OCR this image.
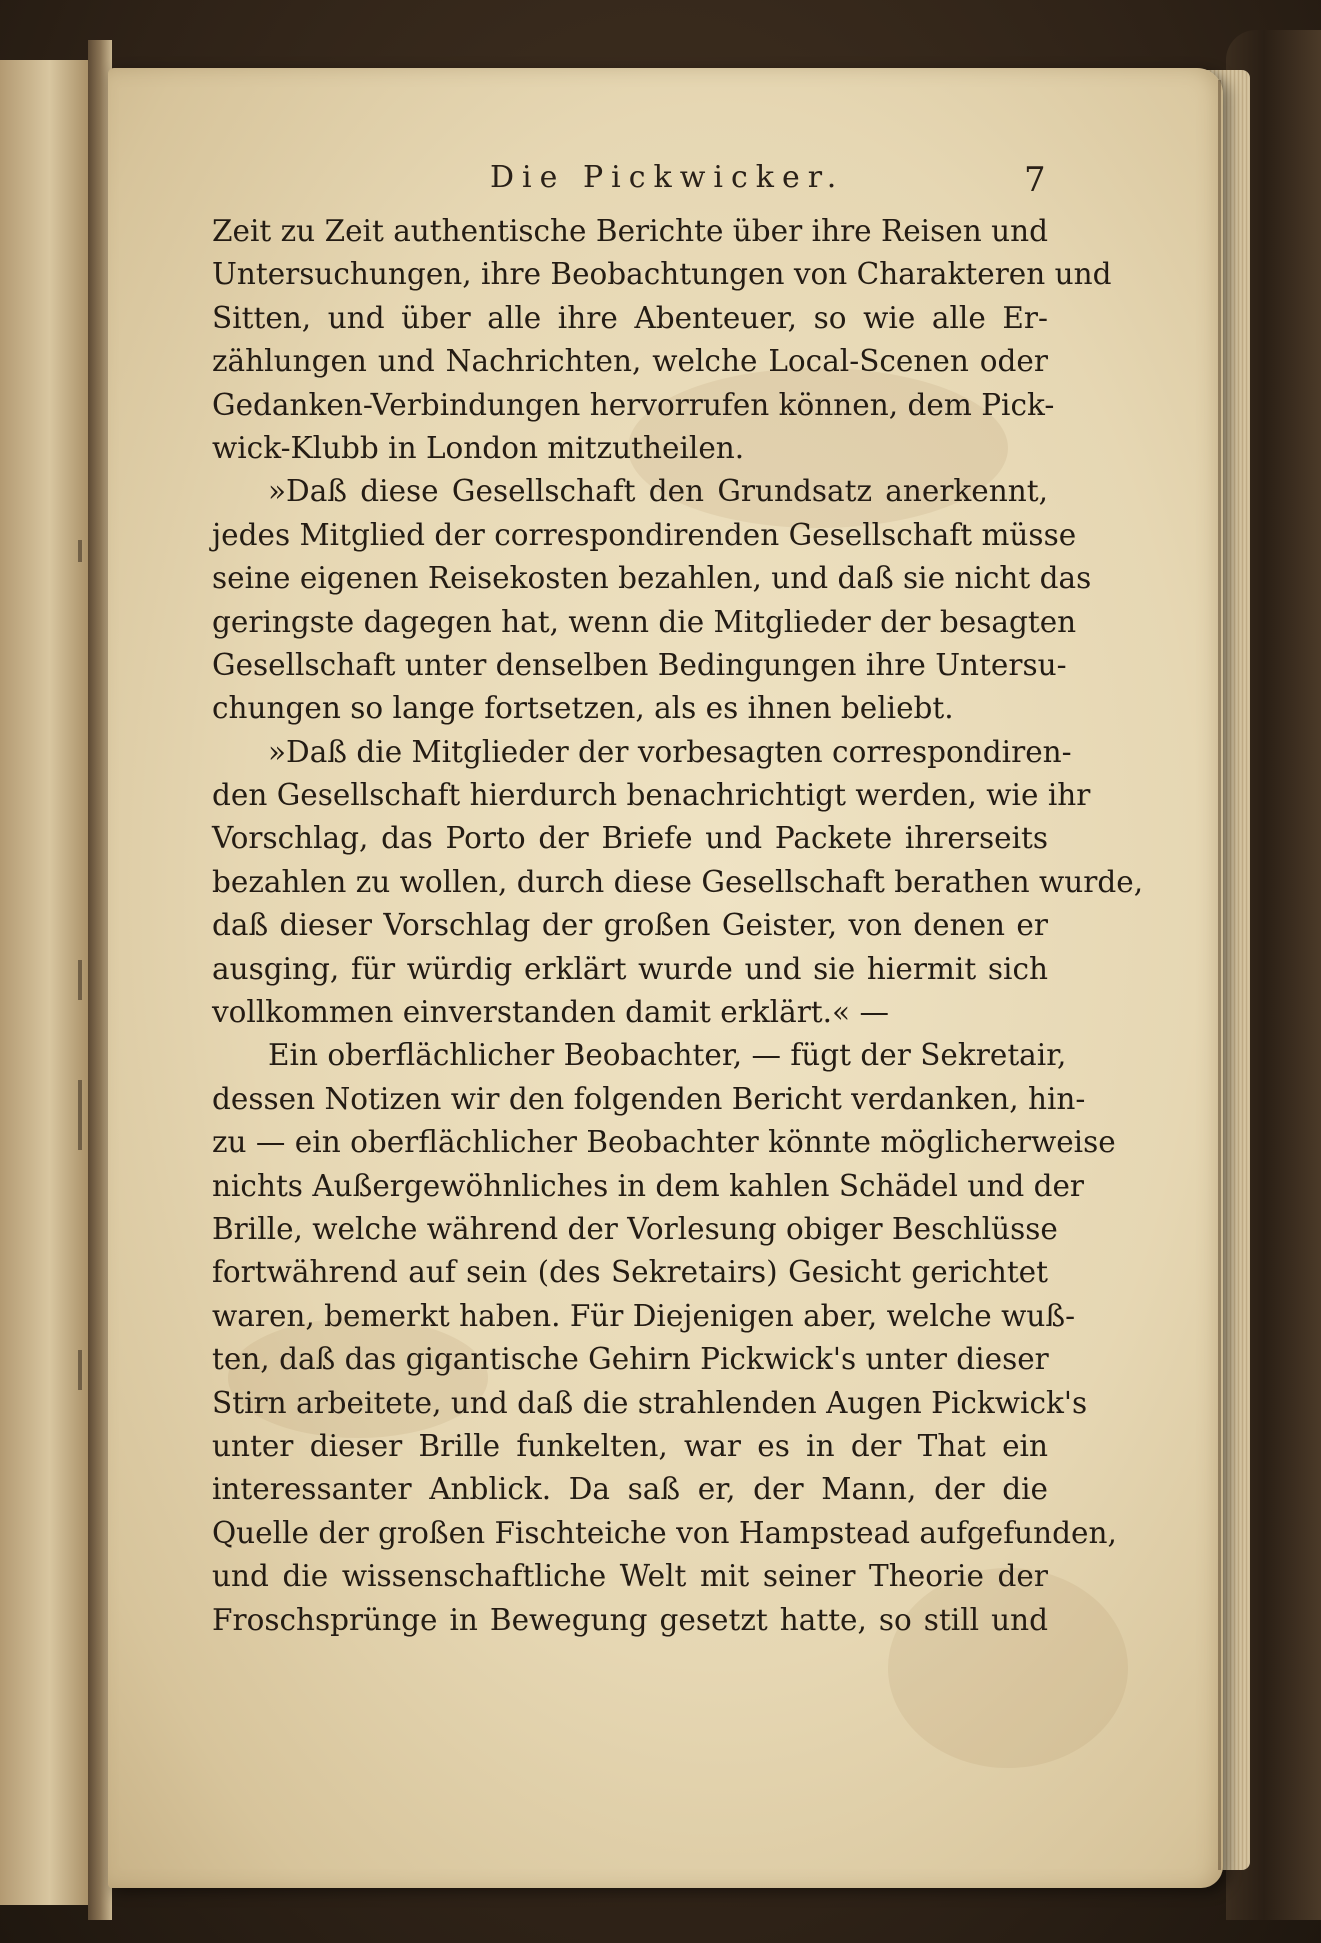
Die Pickwicker.	7
Zeit zu Zeit authentische Berichte über ihre Reisen und
Untersuchungen, ihre Beobachtungen von Charakteren und
Sitten, und über alle ihre Abenteuer, so wie alle Er-
zählungen und Nachrichten, welche Local-Scenen oder
Gedanken-Verbindungen hervorrufen können, dem Pick-
wick-Klubb in London mitzutheilen.
»Daß diese Gesellschaft den Grundsatz anerkennt,
jedes Mitglied der correspondirenden Gesellschaft müsse
seine eigenen Reisekosten bezahlen, und daß sie nicht das
geringste dagegen hat, wenn die Mitglieder der besagten
Gesellschaft unter denselben Bedingungen ihre Untersu-
chungen so lange fortsetzen, als es ihnen beliebt.
»Daß die Mitglieder der vorbesagten correspondiren-
den Gesellschaft hierdurch benachrichtigt werden, wie ihr
Vorschlag, das Porto der Briefe und Packete ihrerseits
bezahlen zu wollen, durch diese Gesellschaft berathen wurde,
daß dieser Vorschlag der großen Geister, von denen er
ausging, für würdig erklärt wurde und sie hiermit sich
vollkommen einverstanden damit erklärt.« —
Ein oberflächlicher Beobachter, — fügt der Sekretair,
dessen Notizen wir den folgenden Bericht verdanken, hin-
zu — ein oberflächlicher Beobachter könnte möglicherweise
nichts Außergewöhnliches in dem kahlen Schädel und der
Brille, welche während der Vorlesung obiger Beschlüsse
fortwährend auf sein (des Sekretairs) Gesicht gerichtet
waren, bemerkt haben. Für Diejenigen aber, welche wuß-
ten, daß das gigantische Gehirn Pickwick's unter dieser
Stirn arbeitete, und daß die strahlenden Augen Pickwick's
unter dieser Brille funkelten, war es in der That ein
interessanter Anblick. Da saß er, der Mann, der die
Quelle der großen Fischteiche von Hampstead aufgefunden,
und die wissenschaftliche Welt mit seiner Theorie der
Froschsprünge in Bewegung gesetzt hatte, so still und
